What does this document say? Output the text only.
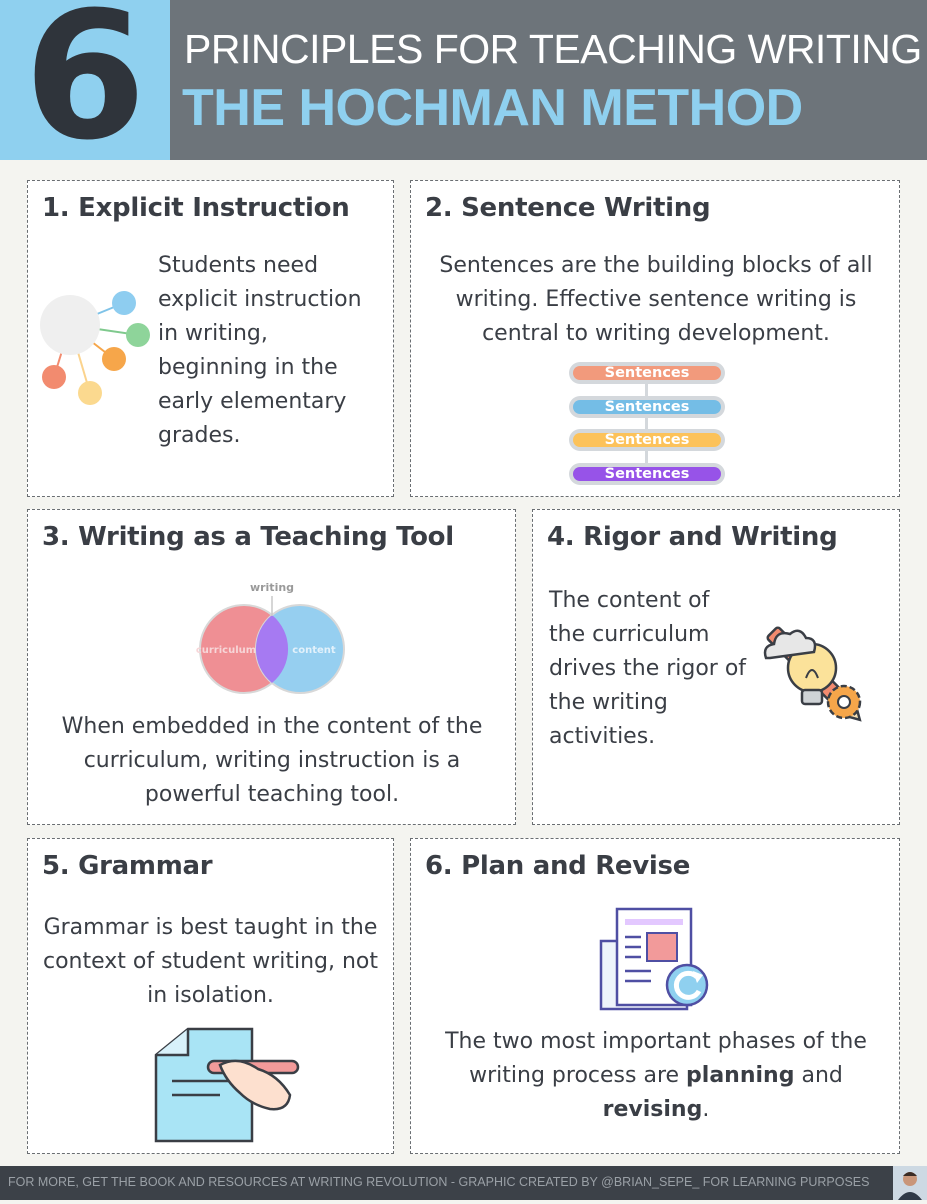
6 PRINCIPLES FOR TEACHING WRITING
THE HOCHMAN METHOD
1. Explicit Instruction
Students need explicit instruction in writing, beginning in the early elementary grades.
2. Sentence Writing
Sentences are the building blocks of all writing. Effective sentence writing is central to writing development.
Sentences
Sentences
Sentences
Sentences
3. Writing as a Teaching Tool
writing
curriculum	content
When embedded in the content of the curriculum, writing instruction is a powerful teaching tool.
4. Rigor and Writing
The content of the curriculum drives the rigor of the writing activities.
5. Grammar
Grammar is best taught in the context of student writing, not in isolation.
6. Plan and Revise
The two most important phases of the writing process are planning and revising.
FOR MORE, GET THE BOOK AND RESOURCES AT WRITING REVOLUTION - GRAPHIC CREATED BY @BRIAN_SEPE_ FOR LEARNING PURPOSES
